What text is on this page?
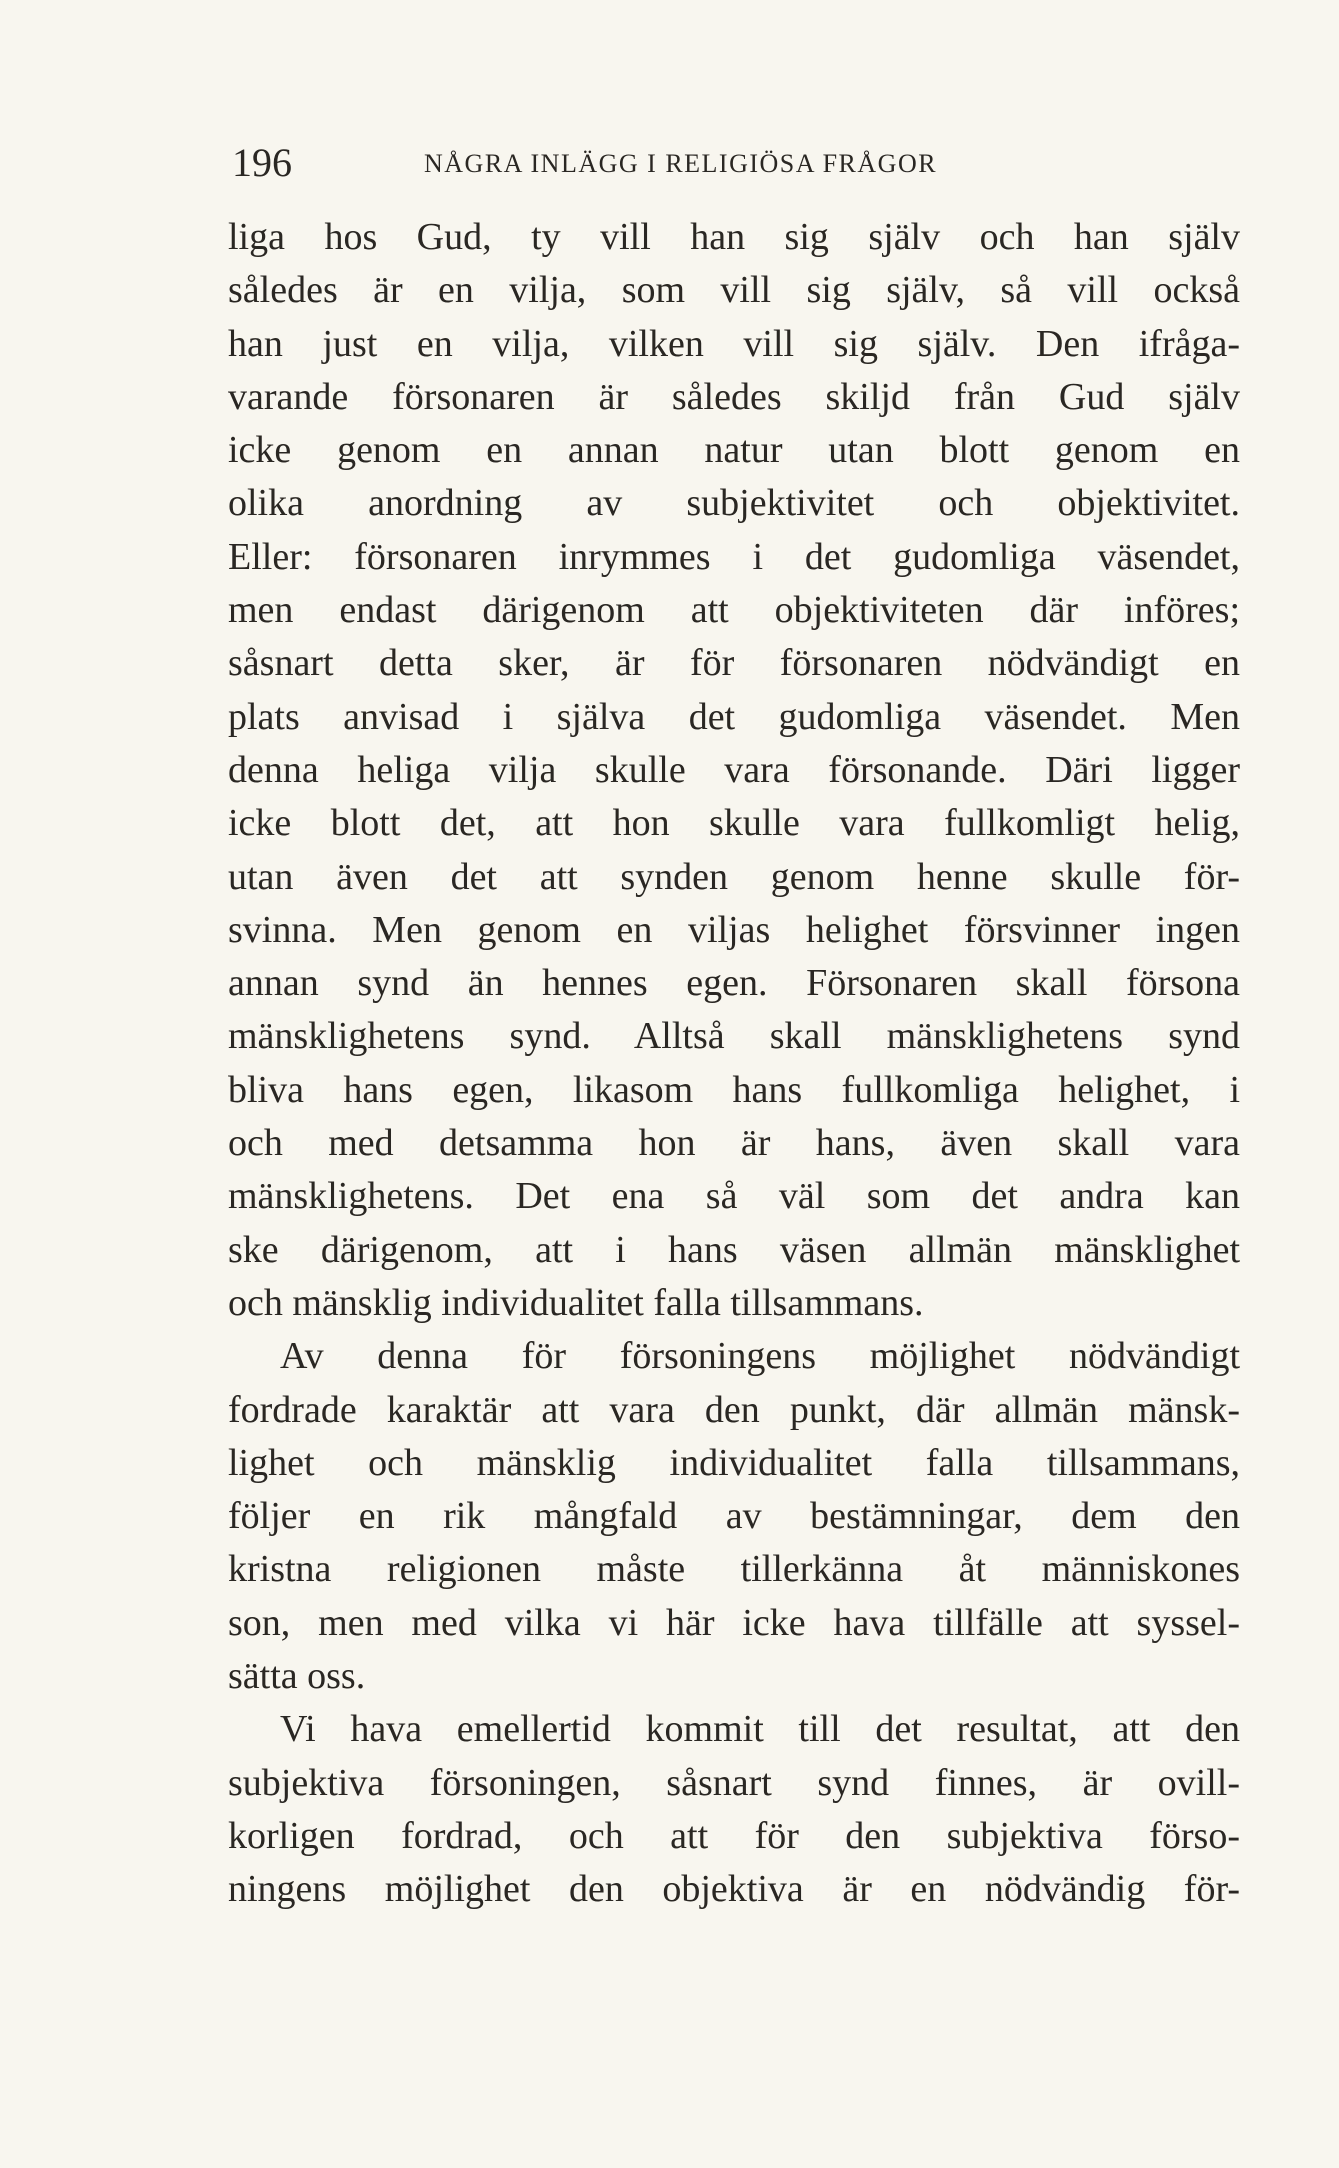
196	NÅGRA INLÄGG I RELIGIÖSA FRÅGOR
liga hos Gud, ty vill han sig själv och han själv
således är en vilja, som vill sig själv, så vill också
han just en vilja, vilken vill sig själv. Den ifråga-
varande försonaren är således skiljd från Gud själv
icke genom en annan natur utan blott genom en
olika anordning av subjektivitet och objektivitet.
Eller: försonaren inrymmes i det gudomliga väsendet,
men endast därigenom att objektiviteten där införes;
såsnart detta sker, är för försonaren nödvändigt en
plats anvisad i själva det gudomliga väsendet. Men
denna heliga vilja skulle vara försonande. Däri ligger
icke blott det, att hon skulle vara fullkomligt helig,
utan även det att synden genom henne skulle för-
svinna. Men genom en viljas helighet försvinner ingen
annan synd än hennes egen. Försonaren skall försona
mänsklighetens synd. Alltså skall mänsklighetens synd
bliva hans egen, likasom hans fullkomliga helighet, i
och med detsamma hon är hans, även skall vara
mänsklighetens. Det ena så väl som det andra kan
ske därigenom, att i hans väsen allmän mänsklighet
och mänsklig individualitet falla tillsammans.
Av denna för försoningens möjlighet nödvändigt
fordrade karaktär att vara den punkt, där allmän mänsk-
lighet och mänsklig individualitet falla tillsammans,
följer en rik mångfald av bestämningar, dem den
kristna religionen måste tillerkänna åt människones
son, men med vilka vi här icke hava tillfälle att syssel-
sätta oss.
Vi hava emellertid kommit till det resultat, att den
subjektiva försoningen, såsnart synd finnes, är ovill-
korligen fordrad, och att för den subjektiva förso-
ningens möjlighet den objektiva är en nödvändig för-
